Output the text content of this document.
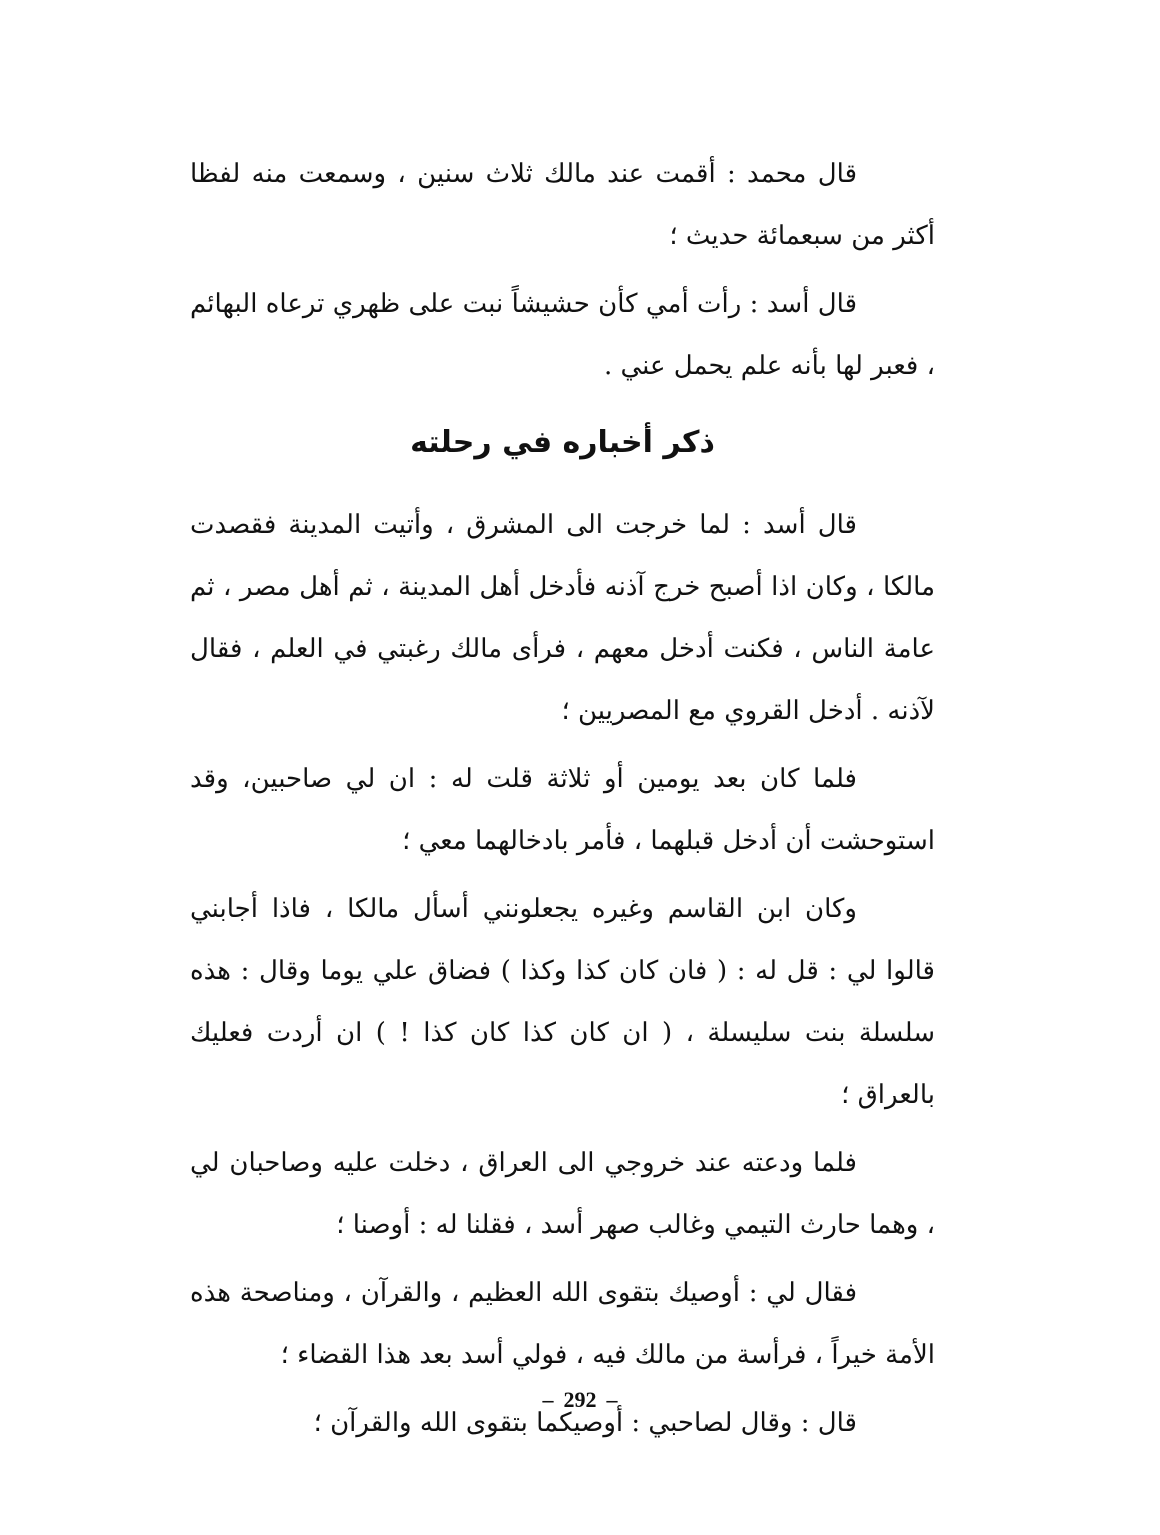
قال محمد : أقمت عند مالك ثلاث سنين ، وسمعت منه لفظا أكثر من سبعمائة حديث ؛

قال أسد : رأت أمي كأن حشيشاً نبت على ظهري ترعاه البهائم ، فعبر لها بأنه علم يحمل عني .

ذكر أخباره في رحلته

قال أسد : لما خرجت الى المشرق ، وأتيت المدينة فقصدت مالكا ، وكان اذا أصبح خرج آذنه فأدخل أهل المدينة ، ثم أهل مصر ، ثم عامة الناس ، فكنت أدخل معهم ، فرأى مالك رغبتي في العلم ، فقال لآذنه . أدخل القروي مع المصريين ؛

فلما كان بعد يومين أو ثلاثة قلت له : ان لي صاحبين، وقد استوحشت أن أدخل قبلهما ، فأمر بادخالهما معي ؛

وكان ابن القاسم وغيره يجعلونني أسأل مالكا ، فاذا أجابني قالوا لي : قل له : ( فان كان كذا وكذا ) فضاق علي يوما وقال : هذه سلسلة بنت سليسلة ، ( ان كان كذا كان كذا ! ) ان أردت فعليك بالعراق ؛

فلما ودعته عند خروجي الى العراق ، دخلت عليه وصاحبان لي ، وهما حارث التيمي وغالب صهر أسد ، فقلنا له : أوصنا ؛

فقال لي : أوصيك بتقوى الله العظيم ، والقرآن ، ومناصحة هذه الأمة خيراً ، فرأسة من مالك فيه ، فولي أسد بعد هذا القضاء ؛

قال : وقال لصاحبي : أوصيكما بتقوى الله والقرآن ؛

– 292 –
